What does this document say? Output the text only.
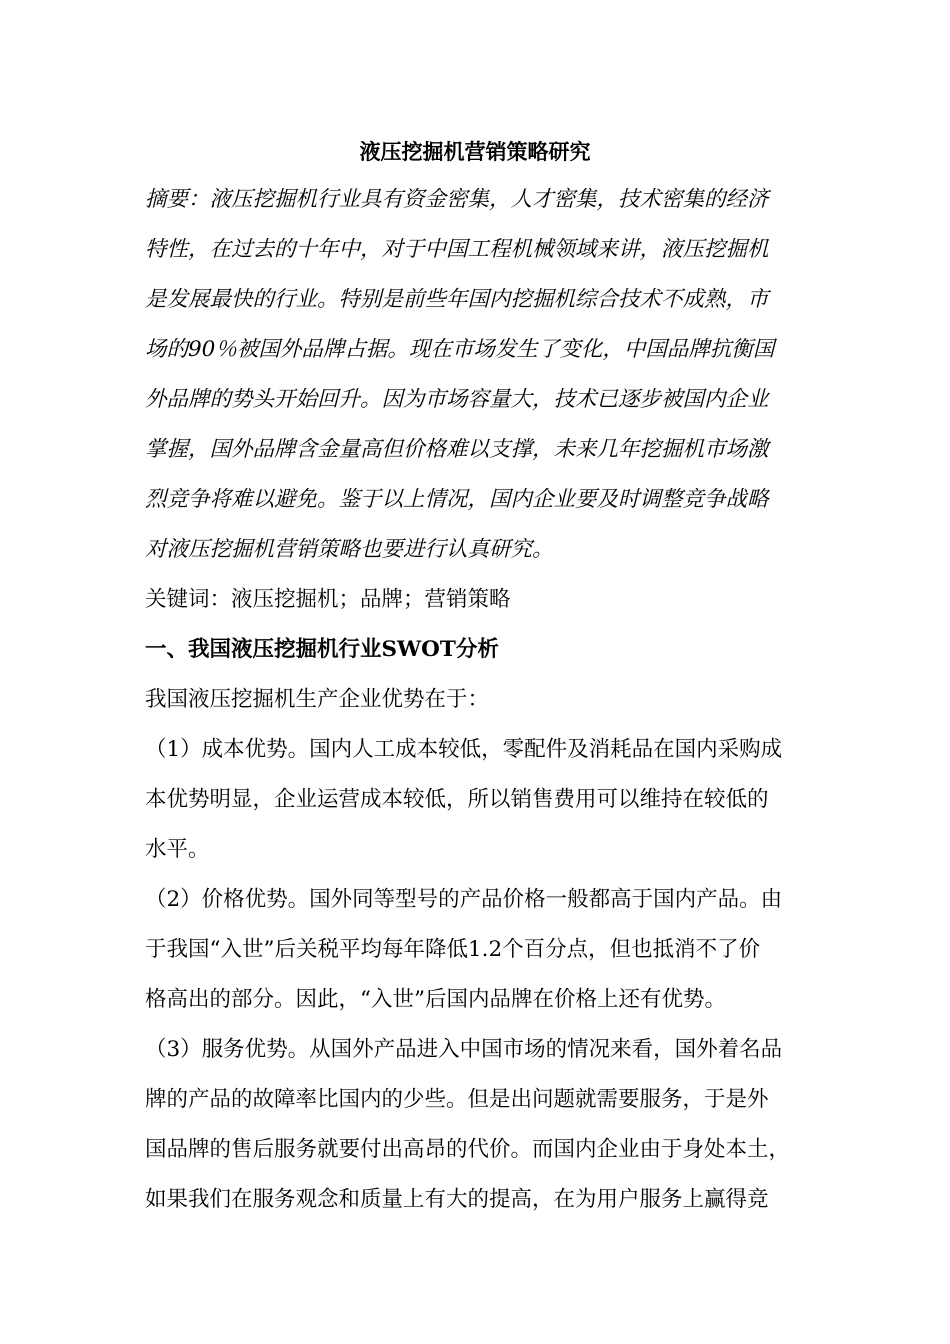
液压挖掘机营销策略研究
摘要：液压挖掘机行业具有资金密集，人才密集，技术密集的经济
特性，在过去的十年中，对于中国工程机械领域来讲，液压挖掘机
是发展最快的行业。特别是前些年国内挖掘机综合技术不成熟，市
场的90％被国外品牌占据。现在市场发生了变化，中国品牌抗衡国
外品牌的势头开始回升。因为市场容量大，技术已逐步被国内企业
掌握，国外品牌含金量高但价格难以支撑，未来几年挖掘机市场激
烈竞争将难以避免。鉴于以上情况，国内企业要及时调整竞争战略
对液压挖掘机营销策略也要进行认真研究。
关键词：液压挖掘机；品牌；营销策略
一、我国液压挖掘机行业SWOT分析
我国液压挖掘机生产企业优势在于：
（1）成本优势。国内人工成本较低，零配件及消耗品在国内采购成
本优势明显，企业运营成本较低，所以销售费用可以维持在较低的
水平。
（2）价格优势。国外同等型号的产品价格一般都高于国内产品。由
于我国“入世”后关税平均每年降低1.2个百分点，但也抵消不了价
格高出的部分。因此，“入世”后国内品牌在价格上还有优势。
（3）服务优势。从国外产品进入中国市场的情况来看，国外着名品
牌的产品的故障率比国内的少些。但是出问题就需要服务，于是外
国品牌的售后服务就要付出高昂的代价。而国内企业由于身处本土，
如果我们在服务观念和质量上有大的提高，在为用户服务上赢得竞
